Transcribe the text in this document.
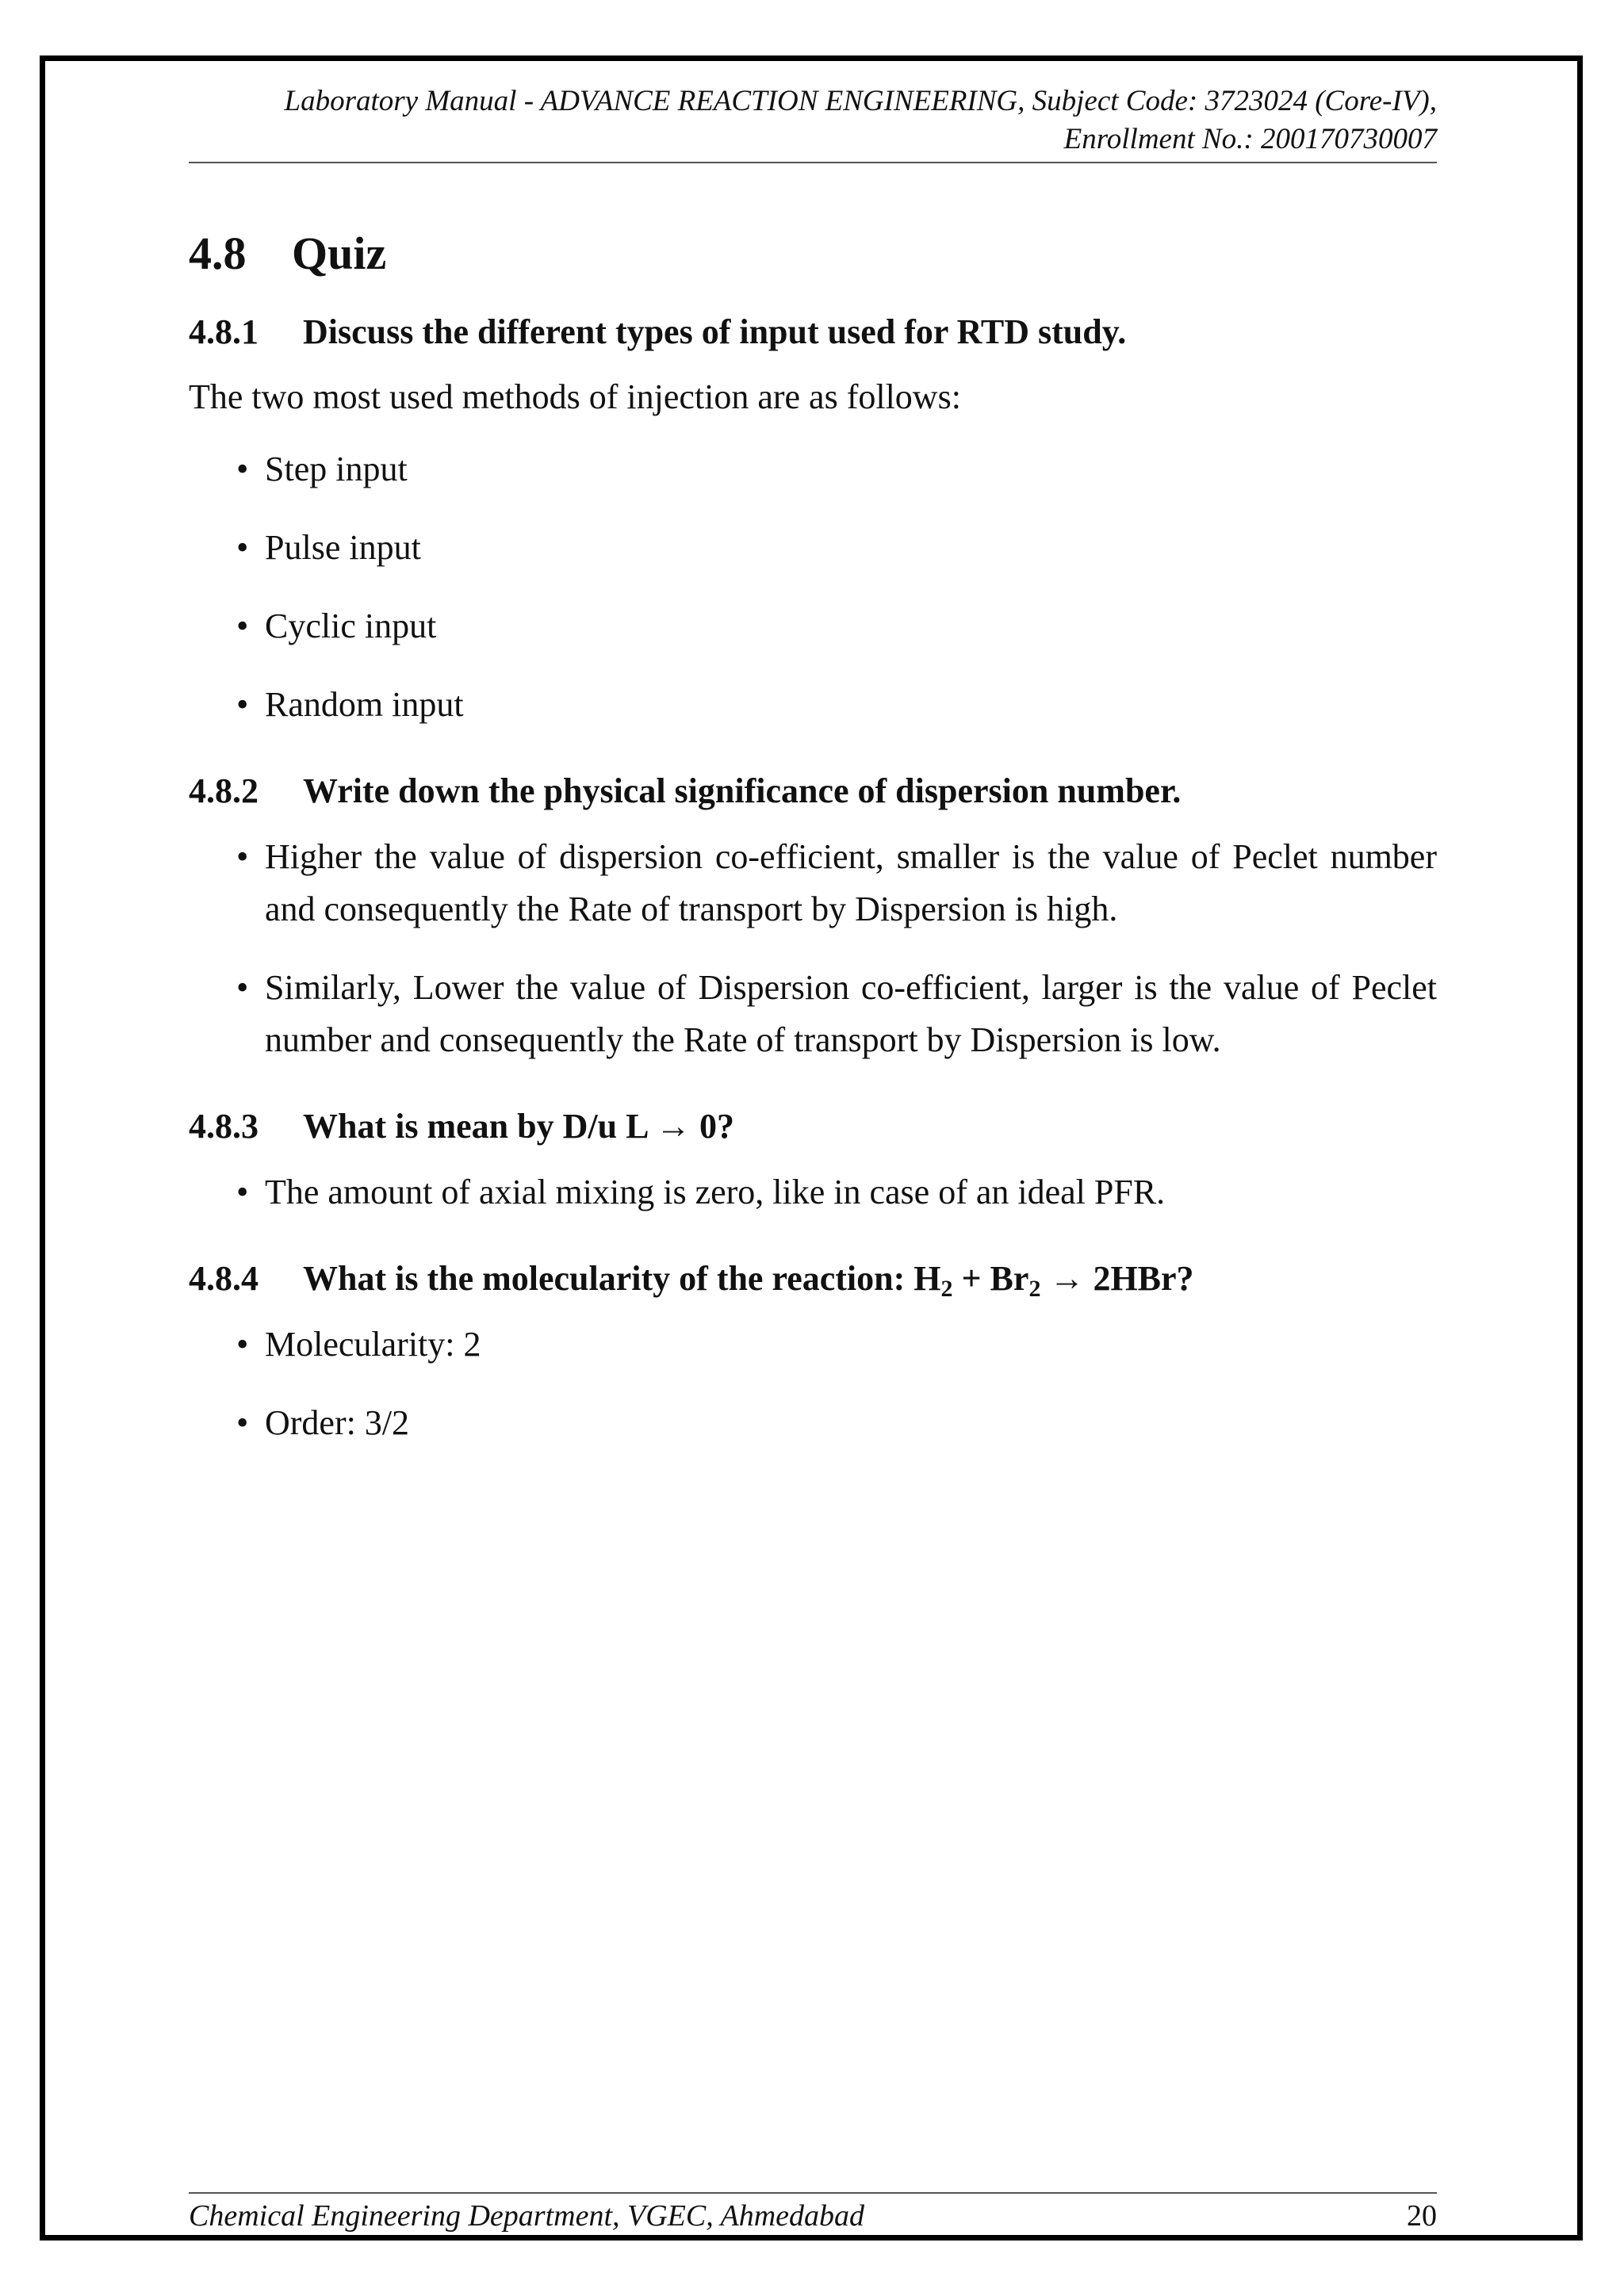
Laboratory Manual - ADVANCE REACTION ENGINEERING, Subject Code: 3723024 (Core-IV),
Enrollment No.: 200170730007
4.8 Quiz
4.8.1 Discuss the different types of input used for RTD study.

The two most used methods of injection are as follows:

• Step input
• Pulse input
• Cyclic input
• Random input
4.8.2 Write down the physical significance of dispersion number.
• Higher the value of dispersion co-efficient, smaller is the value of Peclet number and consequently the Rate of transport by Dispersion is high.
• Similarly, Lower the value of Dispersion co-efficient, larger is the value of Peclet number and consequently the Rate of transport by Dispersion is low.
4.8.3 What is mean by D/u L → 0?
• The amount of axial mixing is zero, like in case of an ideal PFR.
4.8.4 What is the molecularity of the reaction: $H_2 + Br_2 \to 2HBr$?
• Molecularity: 2
• Order: 3/2
Chemical Engineering Department, VGEC, Ahmedabad	20
